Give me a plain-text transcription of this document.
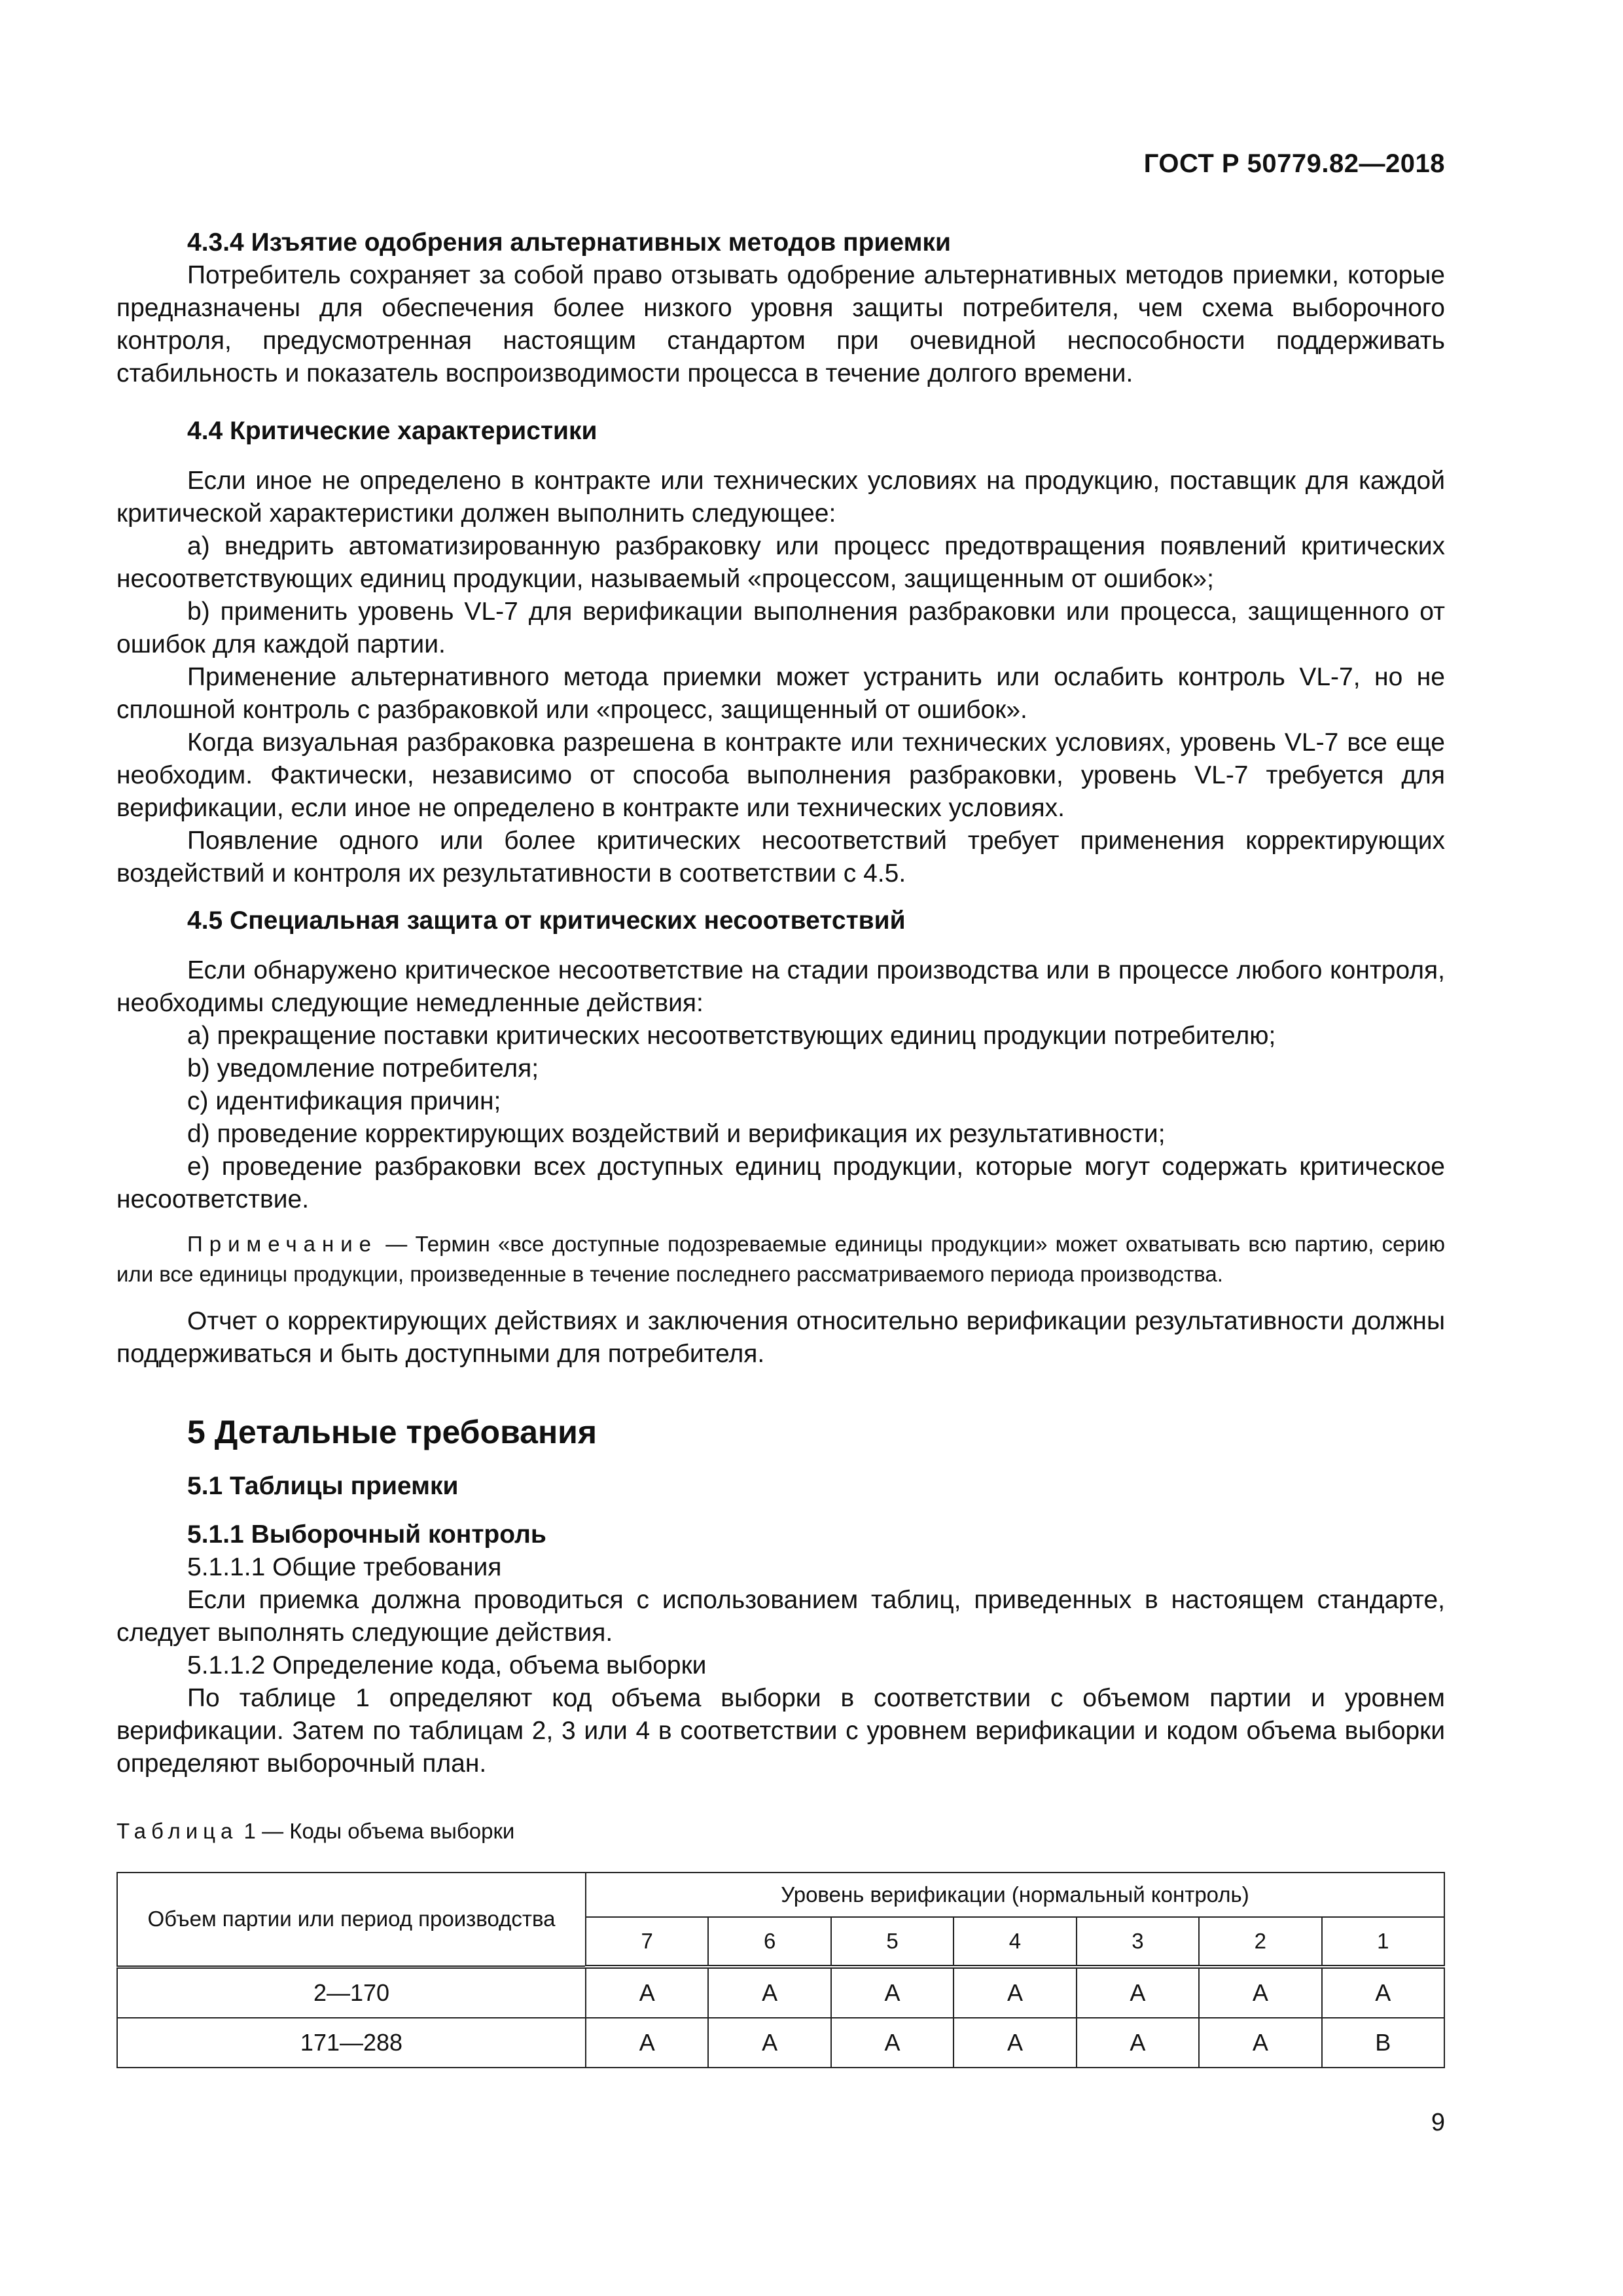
ГОСТ Р 50779.82—2018

4.3.4 Изъятие одобрения альтернативных методов приемки

Потребитель сохраняет за собой право отзывать одобрение альтернативных методов приемки, которые предназначены для обеспечения более низкого уровня защиты потребителя, чем схема выборочного контроля, предусмотренная настоящим стандартом при очевидной неспособности поддерживать стабильность и показатель воспроизводимости процесса в течение долгого времени.

4.4 Критические характеристики

Если иное не определено в контракте или технических условиях на продукцию, поставщик для каждой критической характеристики должен выполнить следующее:

а) внедрить автоматизированную разбраковку или процесс предотвращения появлений критических несоответствующих единиц продукции, называемый «процессом, защищенным от ошибок»;

b) применить уровень VL-7 для верификации выполнения разбраковки или процесса, защищенного от ошибок для каждой партии.

Применение альтернативного метода приемки может устранить или ослабить контроль VL-7, но не сплошной контроль с разбраковкой или «процесс, защищенный от ошибок».

Когда визуальная разбраковка разрешена в контракте или технических условиях, уровень VL-7 все еще необходим. Фактически, независимо от способа выполнения разбраковки, уровень VL-7 требуется для верификации, если иное не определено в контракте или технических условиях.

Появление одного или более критических несоответствий требует применения корректирующих воздействий и контроля их результативности в соответствии с 4.5.

4.5 Специальная защита от критических несоответствий

Если обнаружено критическое несоответствие на стадии производства или в процессе любого контроля, необходимы следующие немедленные действия:

а) прекращение поставки критических несоответствующих единиц продукции потребителю;

b) уведомление потребителя;

c) идентификация причин;

d) проведение корректирующих воздействий и верификация их результативности;

e) проведение разбраковки всех доступных единиц продукции, которые могут содержать критическое несоответствие.

Примечание — Термин «все доступные подозреваемые единицы продукции» может охватывать всю партию, серию или все единицы продукции, произведенные в течение последнего рассматриваемого периода производства.

Отчет о корректирующих действиях и заключения относительно верификации результативности должны поддерживаться и быть доступными для потребителя.

5 Детальные требования

5.1 Таблицы приемки

5.1.1 Выборочный контроль

5.1.1.1 Общие требования

Если приемка должна проводиться с использованием таблиц, приведенных в настоящем стандарте, следует выполнять следующие действия.

5.1.1.2 Определение кода, объема выборки

По таблице 1 определяют код объема выборки в соответствии с объемом партии и уровнем верификации. Затем по таблицам 2, 3 или 4 в соответствии с уровнем верификации и кодом объема выборки определяют выборочный план.

Таблица 1 — Коды объема выборки

Объем партии или период производства	Уровень верификации (нормальный контроль)						
	7	6	5	4	3	2	1
2—170	A	A	A	A	A	A	A
171—288	A	A	A	A	A	A	B
9
